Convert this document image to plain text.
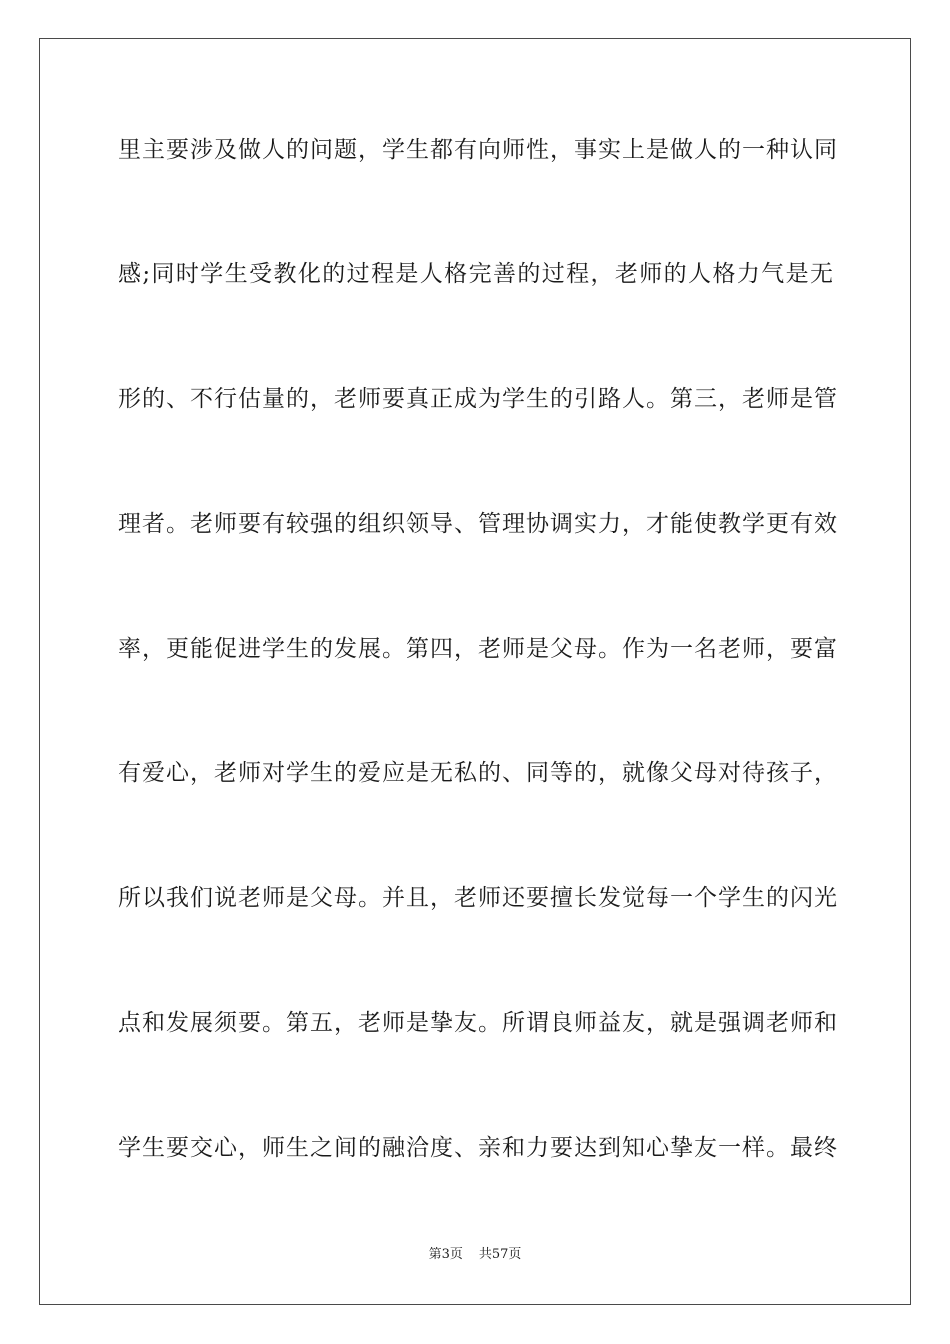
里主要涉及做人的问题，学生都有向师性，事实上是做人的一种认同
感;同时学生受教化的过程是人格完善的过程，老师的人格力气是无
形的、不行估量的，老师要真正成为学生的引路人。第三，老师是管
理者。老师要有较强的组织领导、管理协调实力，才能使教学更有效
率，更能促进学生的发展。第四，老师是父母。作为一名老师，要富
有爱心，老师对学生的爱应是无私的、同等的，就像父母对待孩子，
所以我们说老师是父母。并且，老师还要擅长发觉每一个学生的闪光
点和发展须要。第五，老师是挚友。所谓良师益友，就是强调老师和
学生要交心，师生之间的融洽度、亲和力要达到知心挚友一样。最终
第3页 共57页
